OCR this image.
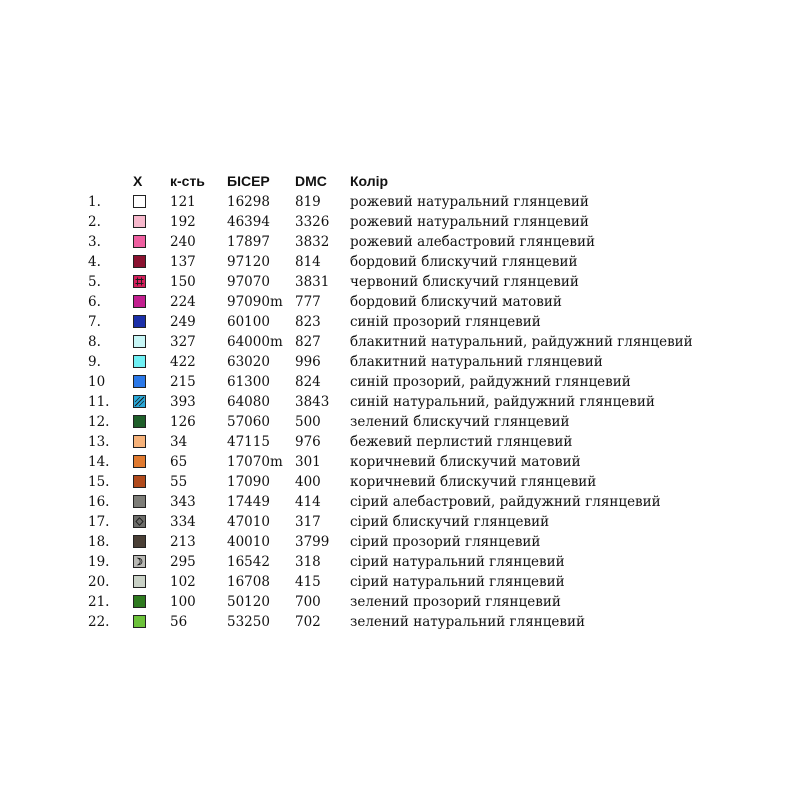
X	к-сть	БІСЕР	DMC	Колір
1.	121	16298	819	рожевий натуральний глянцевий
2.	192	46394	3326	рожевий натуральний глянцевий
3.	240	17897	3832	рожевий алебастровий глянцевий
4.	137	97120	814	бордовий блискучий глянцевий
5.	150	97070	3831	червоний блискучий глянцевий
6.	224	97090m 777	бордовий блискучий матовий
7.	249	60100	823	синій прозорий глянцевий
8.	327	64000m 827	блакитний натуральний, райдужний глянцевий
9.	422	63020	996	блакитний натуральний глянцевий
10	215	61300	824	синій прозорий, райдужний глянцевий
11.	393	64080	3843	синій натуральний, райдужний глянцевий
12.	126	57060	500	зелений блискучий глянцевий
13.	34	47115	976	бежевий перлистий глянцевий
14.	65	17070m 301	коричневий блискучий матовий
15.	55	17090	400	коричневий блискучий глянцевий
16.	343	17449	414	сірий алебастровий, райдужний глянцевий
17.	334	47010	317	сірий блискучий глянцевий
18.	213	40010	3799	сірий прозорий глянцевий
19.	295	16542	318	сірий натуральний глянцевий
20.	102	16708	415	сірий натуральний глянцевий
21.	100	50120	700	зелений прозорий глянцевий
22.	56	53250	702	зелений натуральний глянцевий
